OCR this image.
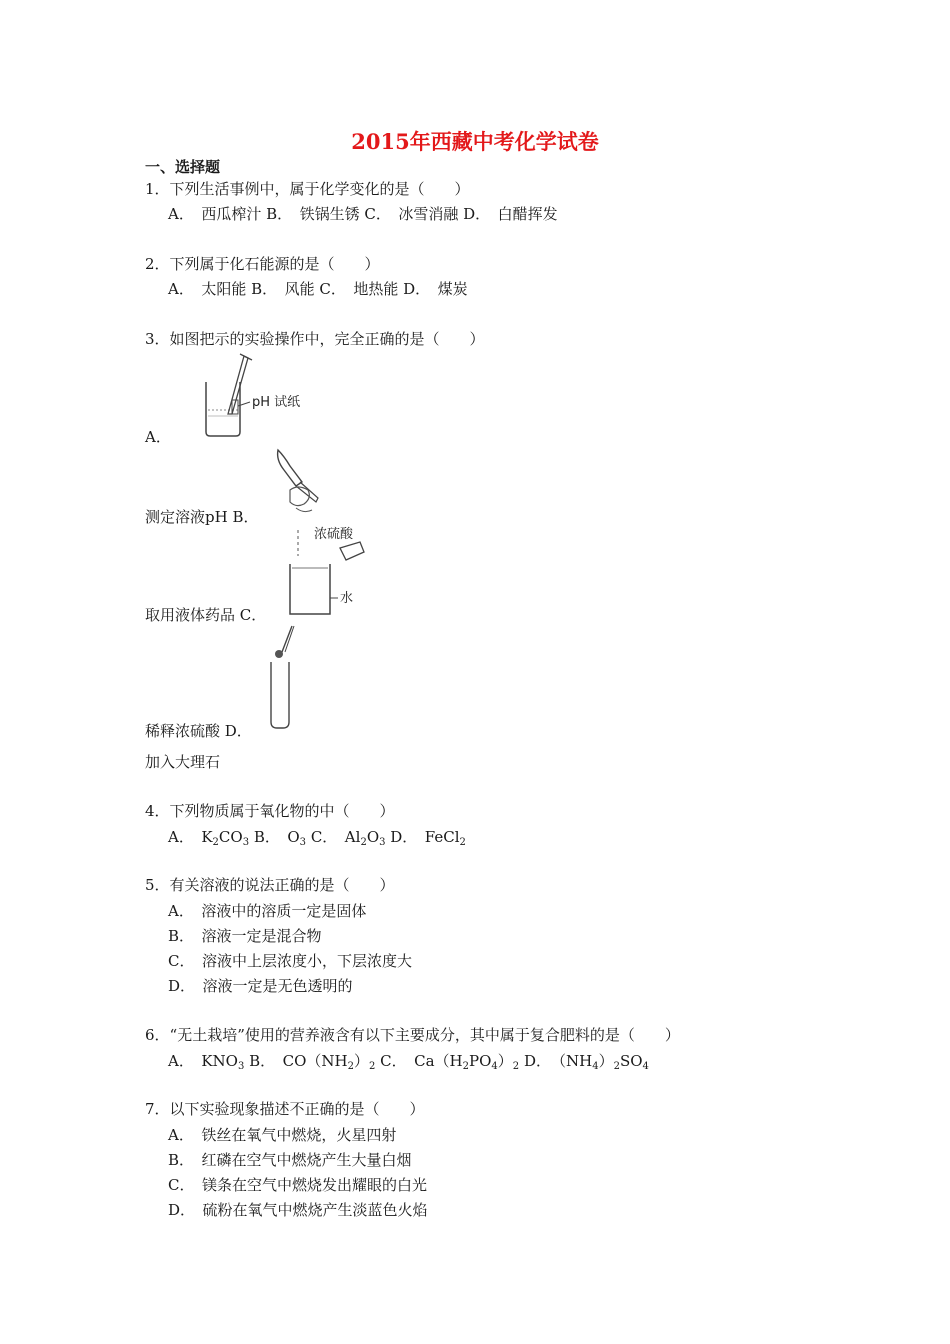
2015年西藏中考化学试卷
一、选择题
1．下列生活事例中，属于化学变化的是（　　）
A．　西瓜榨汁 B．　铁锅生锈 C．　冰雪消融 D．　白醋挥发
2．下列属于化石能源的是（　　）
A．　太阳能 B．　风能 C．　地热能 D．　煤炭
3．如图把示的实验操作中，完全正确的是（　　）
pH 试纸
A．
测定溶液pH B．
浓硫酸
水
取用液体药品 C．
稀释浓硫酸 D．
加入大理石
4．下列物质属于氧化物的中（　　）
A．　$K_2CO_3$ B．　$O_3$ C．　$Al_2O_3$ D．　FeCl$_2$
5．有关溶液的说法正确的是（　　）
A．　溶液中的溶质一定是固体
B．　溶液一定是混合物
C．　溶液中上层浓度小，下层浓度大
D．　溶液一定是无色透明的
6．“无土栽培”使用的营养液含有以下主要成分，其中属于复合肥料的是（　　）
A．　$KNO_3$ B．　$CO(NH_2)_2$ C．　$Ca(H_2PO_4)_2$ D．　$(NH_4)_2SO_4$
7．以下实验现象描述不正确的是（　　）
A．　铁丝在氧气中燃烧，火星四射
B．　红磷在空气中燃烧产生大量白烟
C．　镁条在空气中燃烧发出耀眼的白光
D．　硫粉在氧气中燃烧产生淡蓝色火焰
